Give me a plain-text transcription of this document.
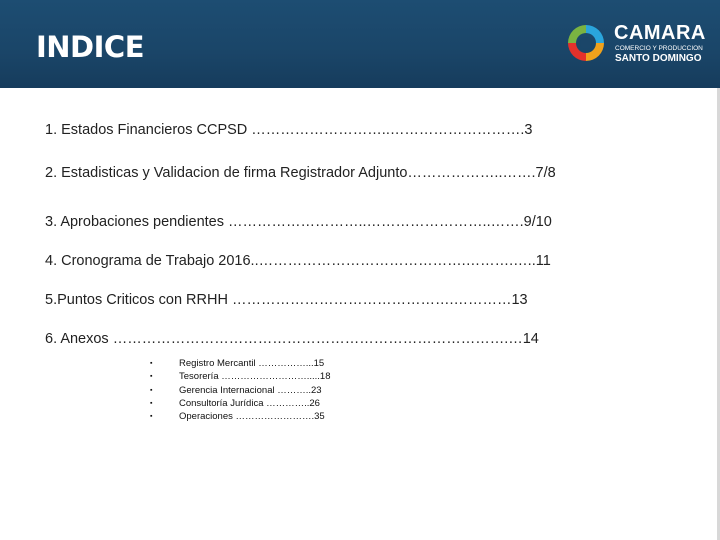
INDICE	CAMARA
COMERCIO Y PRODUCCION
SANTO DOMINGO
1. Estados Financieros CCPSD ………………………..……………………….3
2. Estadisticas y Validacion de firma Registrador Adjunto………………..…….7/8
3. Aprobaciones pendientes ………………………..……………………..…….9/10
4. Cronograma de Trabajo 2016..…………………………………….……….…..11
5.Puntos Criticos con RRHH ……………………………………….…………13
6. Anexos ……………………………………………………………………….…14
▪	Registro Mercantil ……………...15
▪	Tesorería ……………………….....18
▪	Gerencia Internacional ………..23
▪	Consultoría Jurídica …………..26
▪	Operaciones …………………….35
